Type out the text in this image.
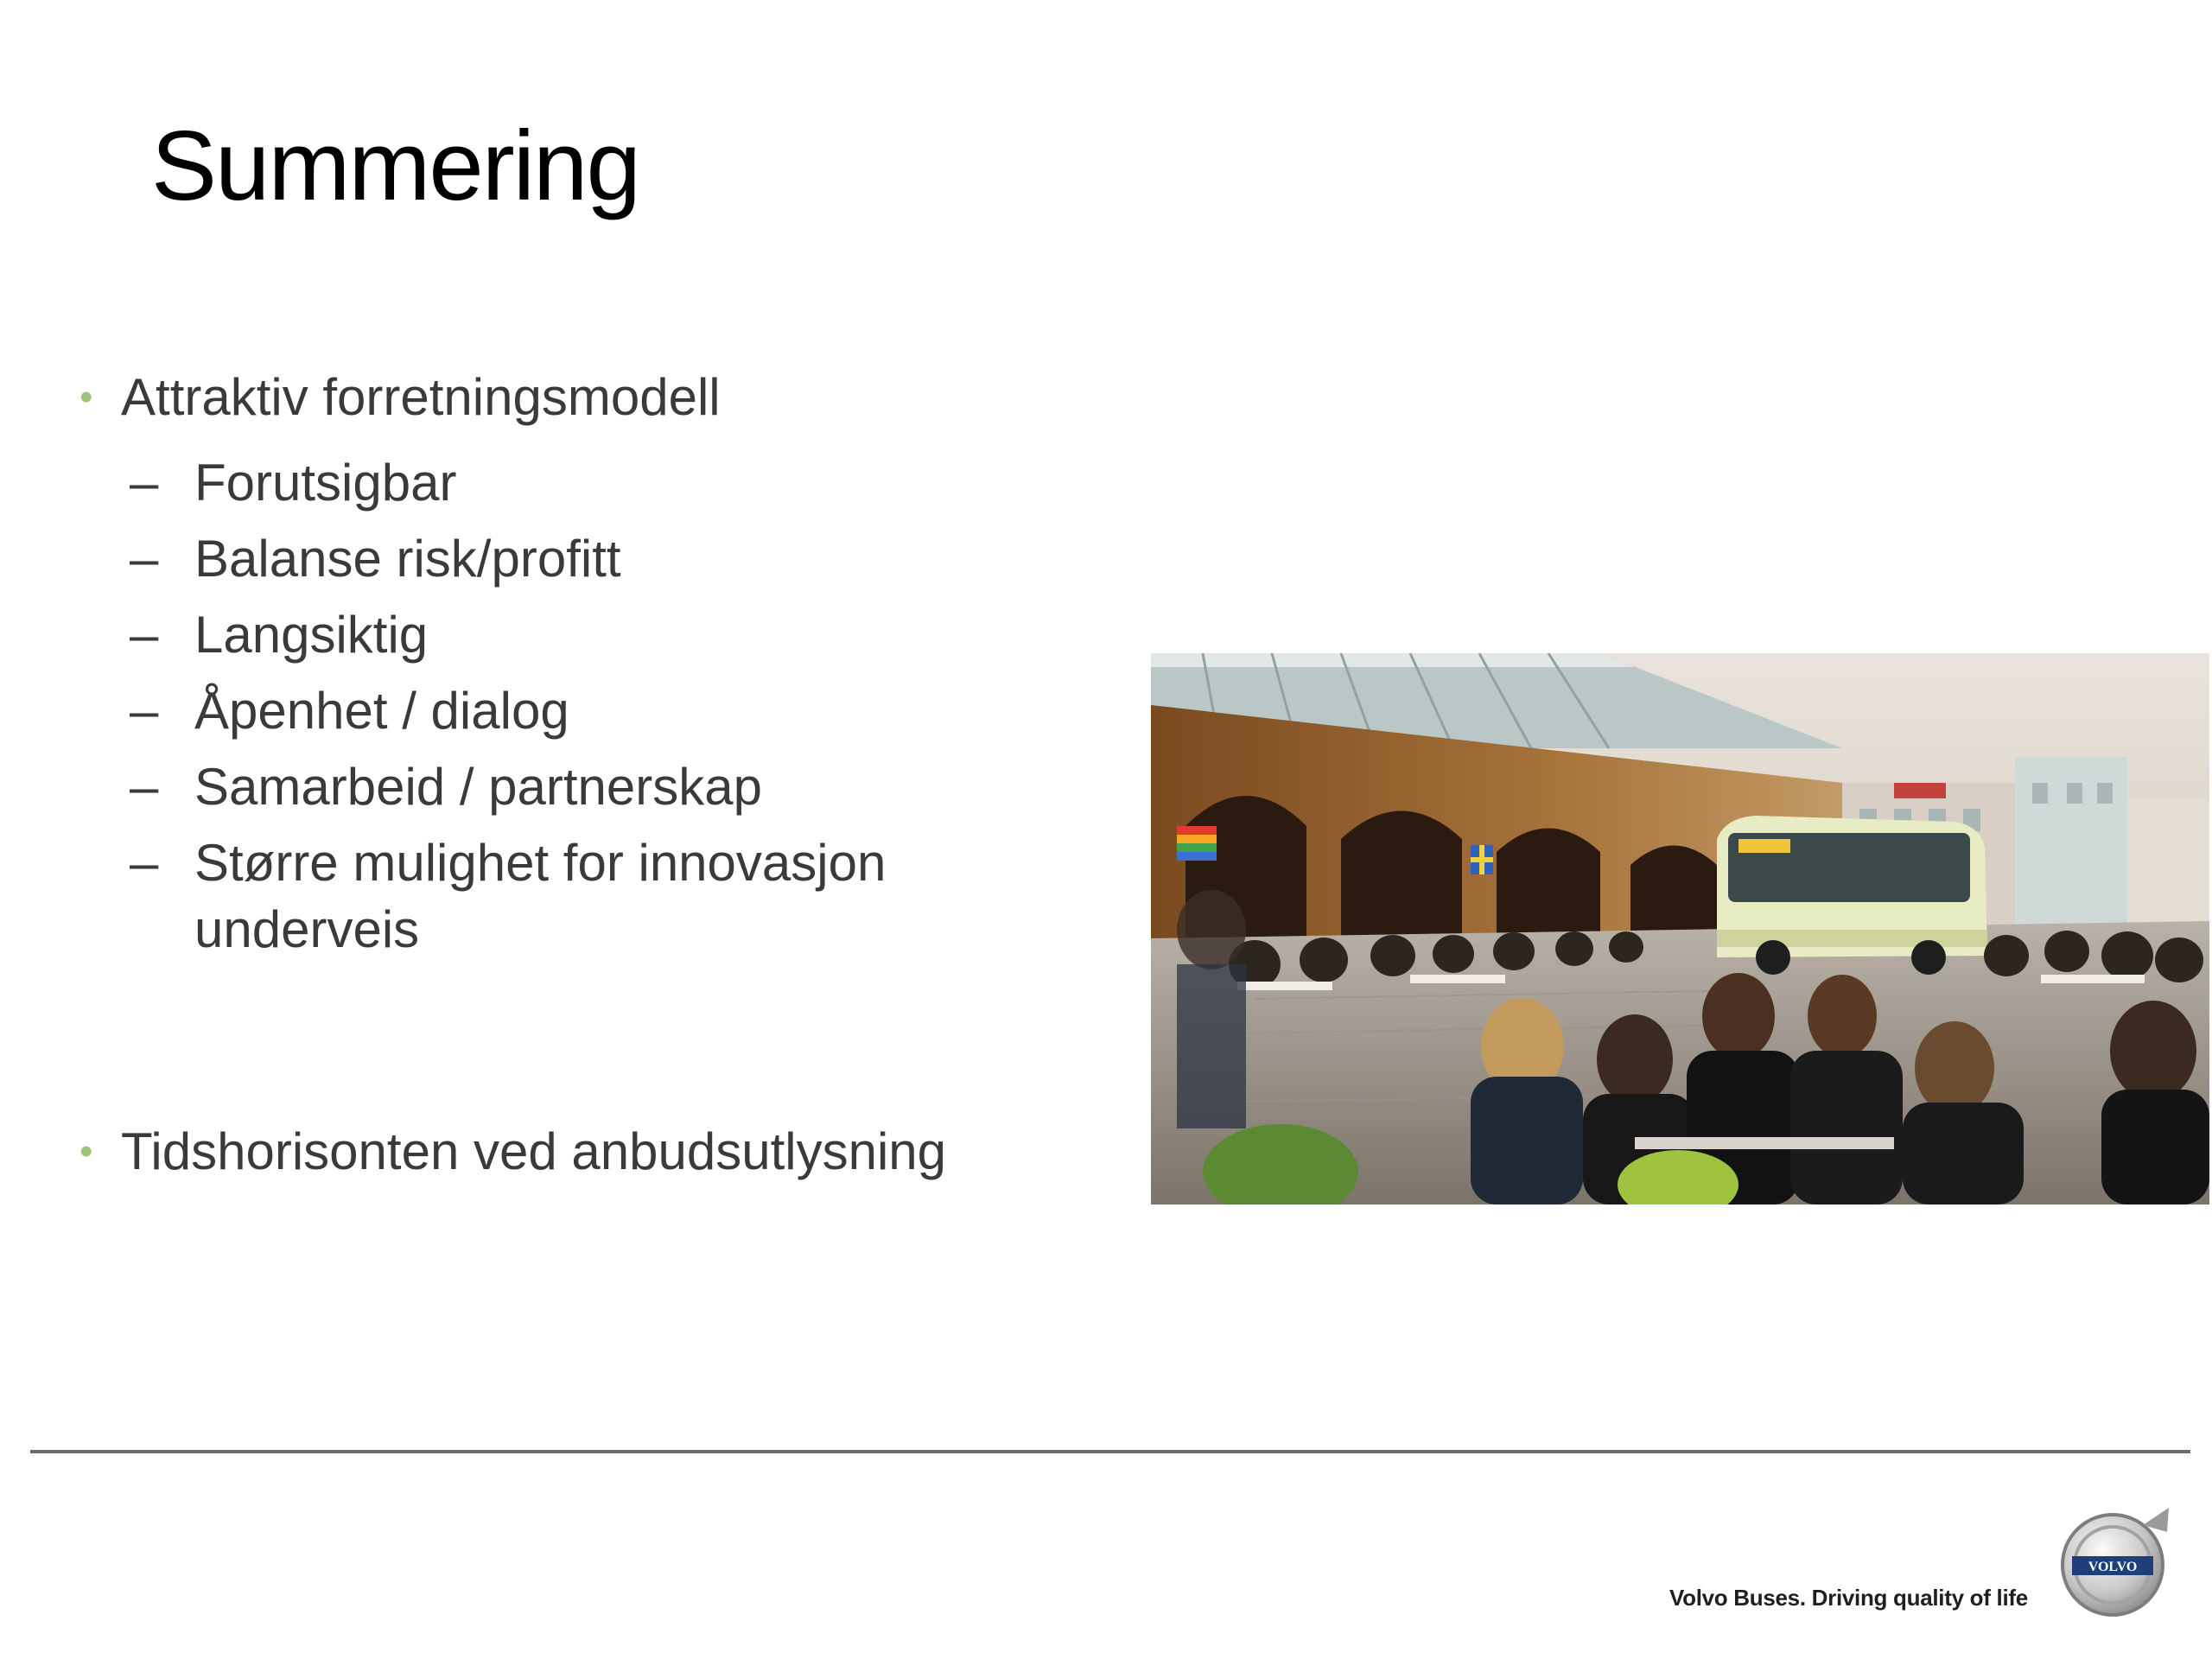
Summering
• Attraktiv forretningsmodell
– Forutsigbar
– Balanse risk/profitt
– Langsiktig
– Åpenhet / dialog
– Samarbeid / partnerskap
– Større mulighet for innovasjon underveis
• Tidshorisonten ved anbudsutlysning
Volvo Buses. Driving quality of life
VOLVO
